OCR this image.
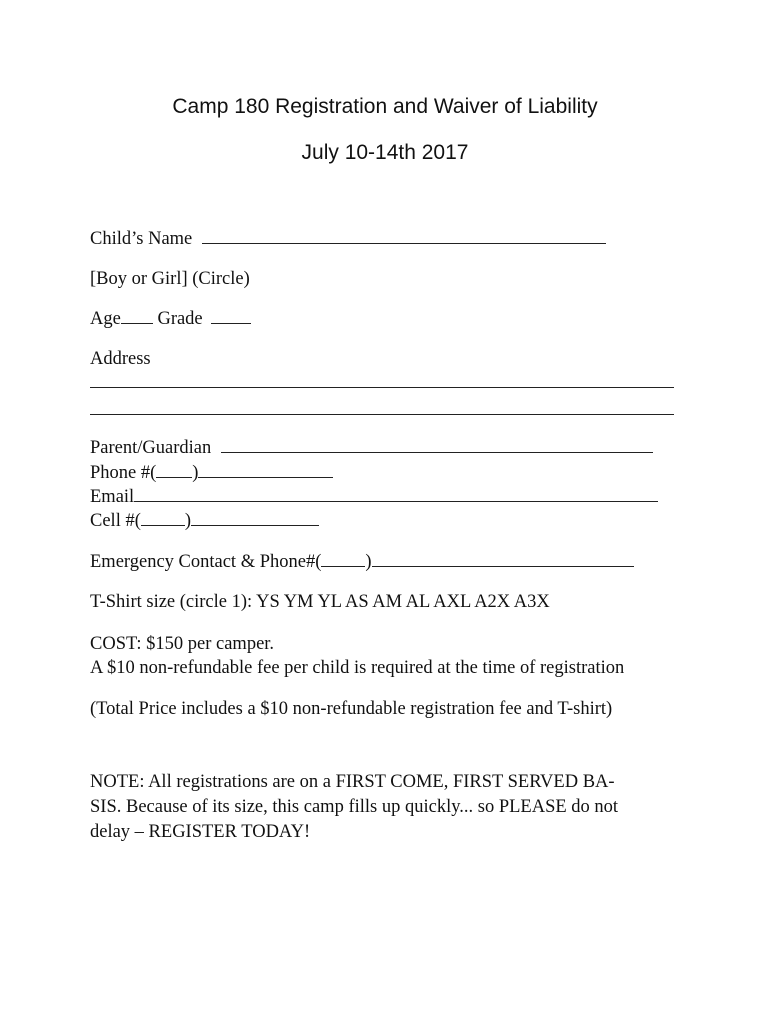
Camp 180 Registration and Waiver of Liability
July 10-14th 2017
Child’s Name
[Boy or Girl] (Circle)
Age Grade
Address
Parent/Guardian
Phone #( )
Email
Cell #( )
Emergency Contact & Phone#( )
T-Shirt size (circle 1): YS YM YL AS AM AL AXL A2X A3X
COST: $150 per camper.
A $10 non-refundable fee per child is required at the time of registration
(Total Price includes a $10 non-refundable registration fee and T-shirt)
NOTE: All registrations are on a FIRST COME, FIRST SERVED BA-
SIS. Because of its size, this camp fills up quickly... so PLEASE do not
delay – REGISTER TODAY!
